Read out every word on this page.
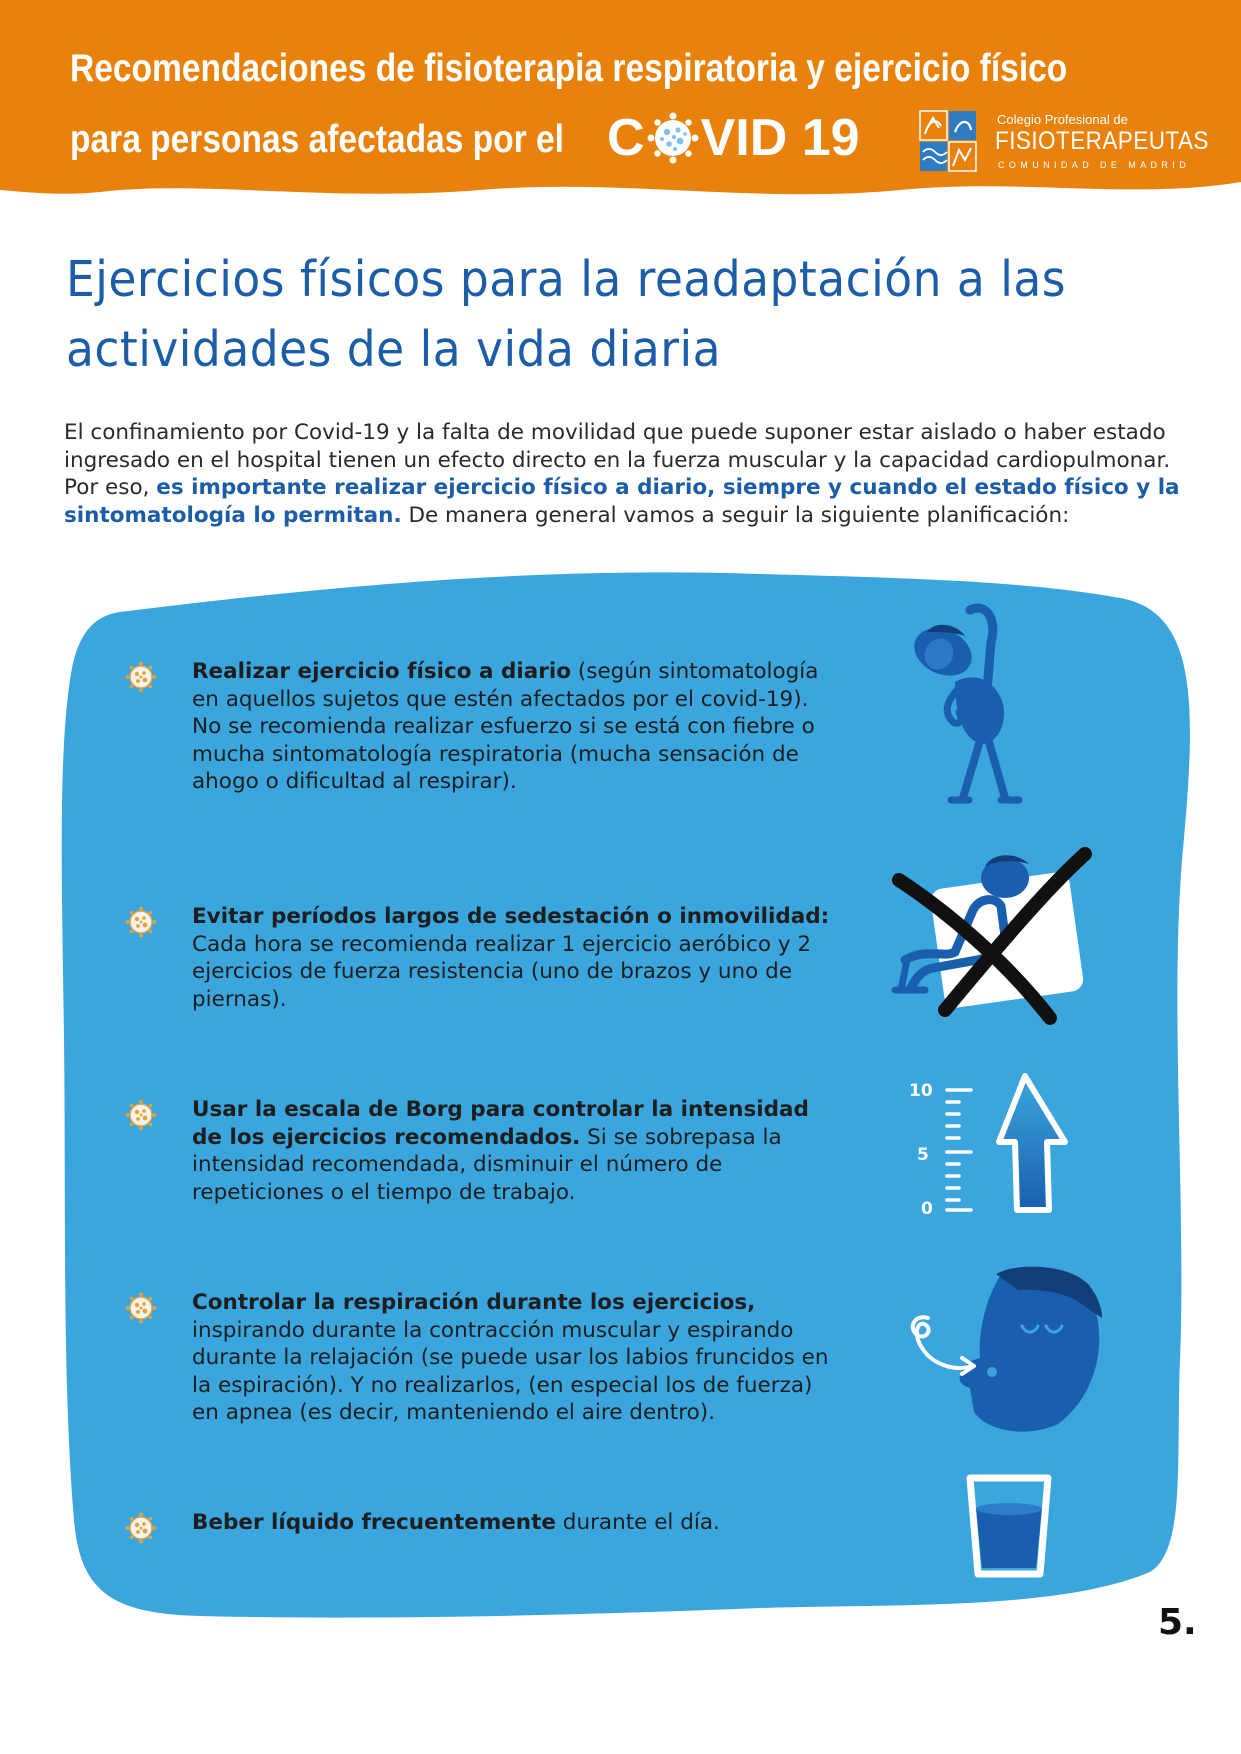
Recomendaciones de fisioterapia respiratoria y ejercicio físico
para personas afectadas por el C VID 19	Colegio Profesional de
FISIOTERAPEUTAS
COMUNIDAD DE MADRID
Ejercicios físicos para la readaptación a las
actividades de la vida diaria
El confinamiento por Covid-19 y la falta de movilidad que puede suponer estar aislado o haber estado ingresado en el hospital tienen un efecto directo en la fuerza muscular y la capacidad cardiopulmonar. Por eso, es importante realizar ejercicio físico a diario, siempre y cuando el estado físico y la sintomatología lo permitan. De manera general vamos a seguir la siguiente planificación:
Realizar ejercicio físico a diario (según sintomatología en aquellos sujetos que estén afectados por el covid-19). No se recomienda realizar esfuerzo si se está con fiebre o mucha sintomatología respiratoria (mucha sensación de ahogo o dificultad al respirar).
Evitar períodos largos de sedestación o inmovilidad: Cada hora se recomienda realizar 1 ejercicio aeróbico y 2 ejercicios de fuerza resistencia (uno de brazos y uno de piernas).
Usar la escala de Borg para controlar la intensidad de los ejercicios recomendados. Si se sobrepasa la intensidad recomendada, disminuir el número de repeticiones o el tiempo de trabajo.
Controlar la respiración durante los ejercicios, inspirando durante la contracción muscular y espirando durante la relajación (se puede usar los labios fruncidos en la espiración). Y no realizarlos, (en especial los de fuerza) en apnea (es decir, manteniendo el aire dentro).
Beber líquido frecuentemente durante el día.
10
5
0
5.
